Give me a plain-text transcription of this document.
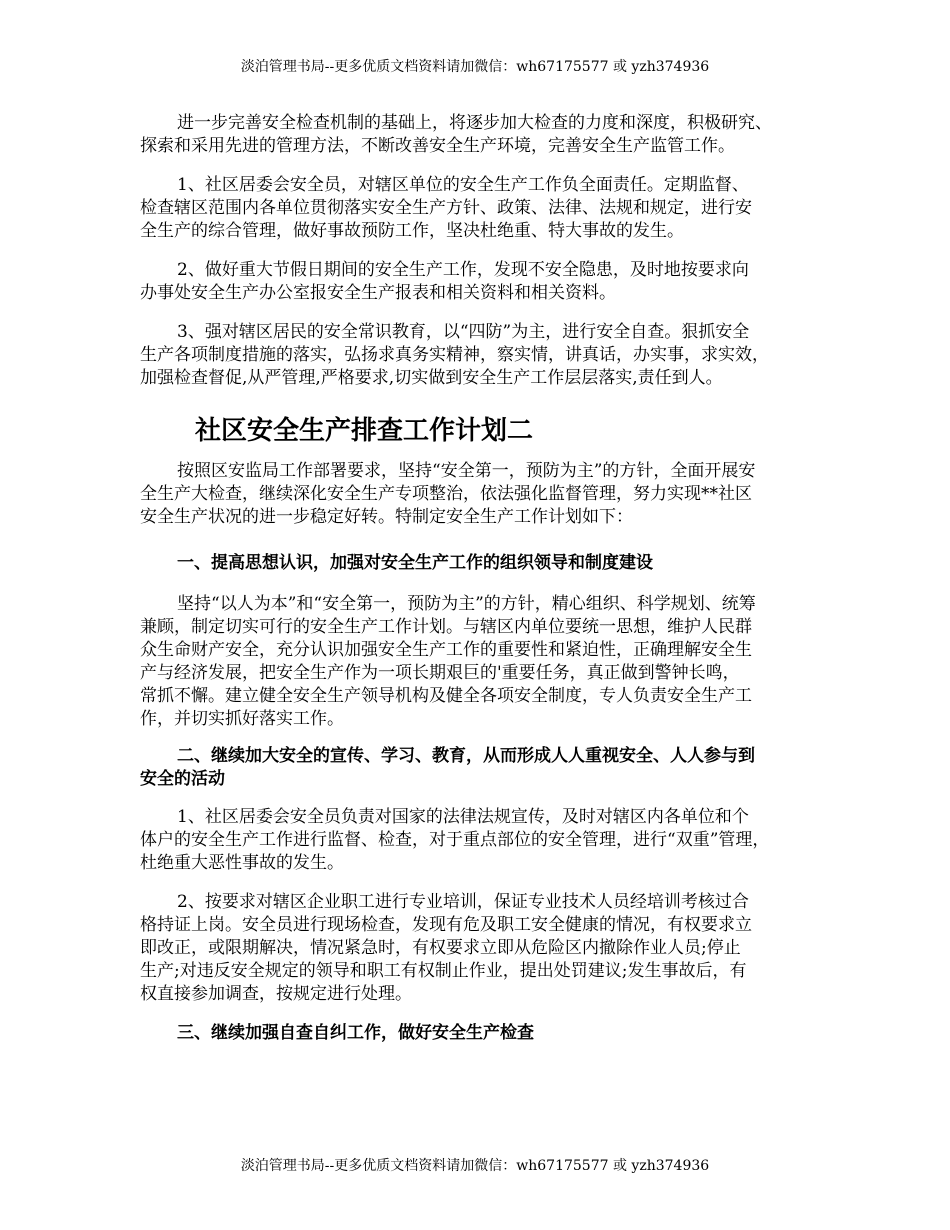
淡泊管理书局--更多优质文档资料请加微信：wh67175577 或 yzh374936
进一步完善安全检查机制的基础上，将逐步加大检查的力度和深度，积极研究、
探索和采用先进的管理方法，不断改善安全生产环境，完善安全生产监管工作。
1、社区居委会安全员，对辖区单位的安全生产工作负全面责任。定期监督、
检查辖区范围内各单位贯彻落实安全生产方针、政策、法律、法规和规定，进行安
全生产的综合管理，做好事故预防工作，坚决杜绝重、特大事故的发生。
2、做好重大节假日期间的安全生产工作，发现不安全隐患，及时地按要求向
办事处安全生产办公室报安全生产报表和相关资料和相关资料。
3、强对辖区居民的安全常识教育，以“四防”为主，进行安全自查。狠抓安全
生产各项制度措施的落实，弘扬求真务实精神，察实情，讲真话，办实事，求实效，
加强检查督促,从严管理,严格要求,切实做到安全生产工作层层落实,责任到人。
社区安全生产排查工作计划二
按照区安监局工作部署要求，坚持“安全第一，预防为主”的方针，全面开展安
全生产大检查，继续深化安全生产专项整治，依法强化监督管理，努力实现**社区
安全生产状况的进一步稳定好转。特制定安全生产工作计划如下：
一、提高思想认识，加强对安全生产工作的组织领导和制度建设
坚持“以人为本”和“安全第一，预防为主”的方针，精心组织、科学规划、统筹
兼顾，制定切实可行的安全生产工作计划。与辖区内单位要统一思想，维护人民群
众生命财产安全，充分认识加强安全生产工作的重要性和紧迫性，正确理解安全生
产与经济发展，把安全生产作为一项长期艰巨的'重要任务，真正做到警钟长鸣，
常抓不懈。建立健全安全生产领导机构及健全各项安全制度，专人负责安全生产工
作，并切实抓好落实工作。
二、继续加大安全的宣传、学习、教育，从而形成人人重视安全、人人参与到
安全的活动
1、社区居委会安全员负责对国家的法律法规宣传，及时对辖区内各单位和个
体户的安全生产工作进行监督、检查，对于重点部位的安全管理，进行“双重”管理，
杜绝重大恶性事故的发生。
2、按要求对辖区企业职工进行专业培训，保证专业技术人员经培训考核过合
格持证上岗。安全员进行现场检查，发现有危及职工安全健康的情况，有权要求立
即改正，或限期解决，情况紧急时，有权要求立即从危险区内撤除作业人员;停止
生产;对违反安全规定的领导和职工有权制止作业，提出处罚建议;发生事故后，有
权直接参加调查，按规定进行处理。
三、继续加强自查自纠工作，做好安全生产检查
淡泊管理书局--更多优质文档资料请加微信：wh67175577 或 yzh374936
